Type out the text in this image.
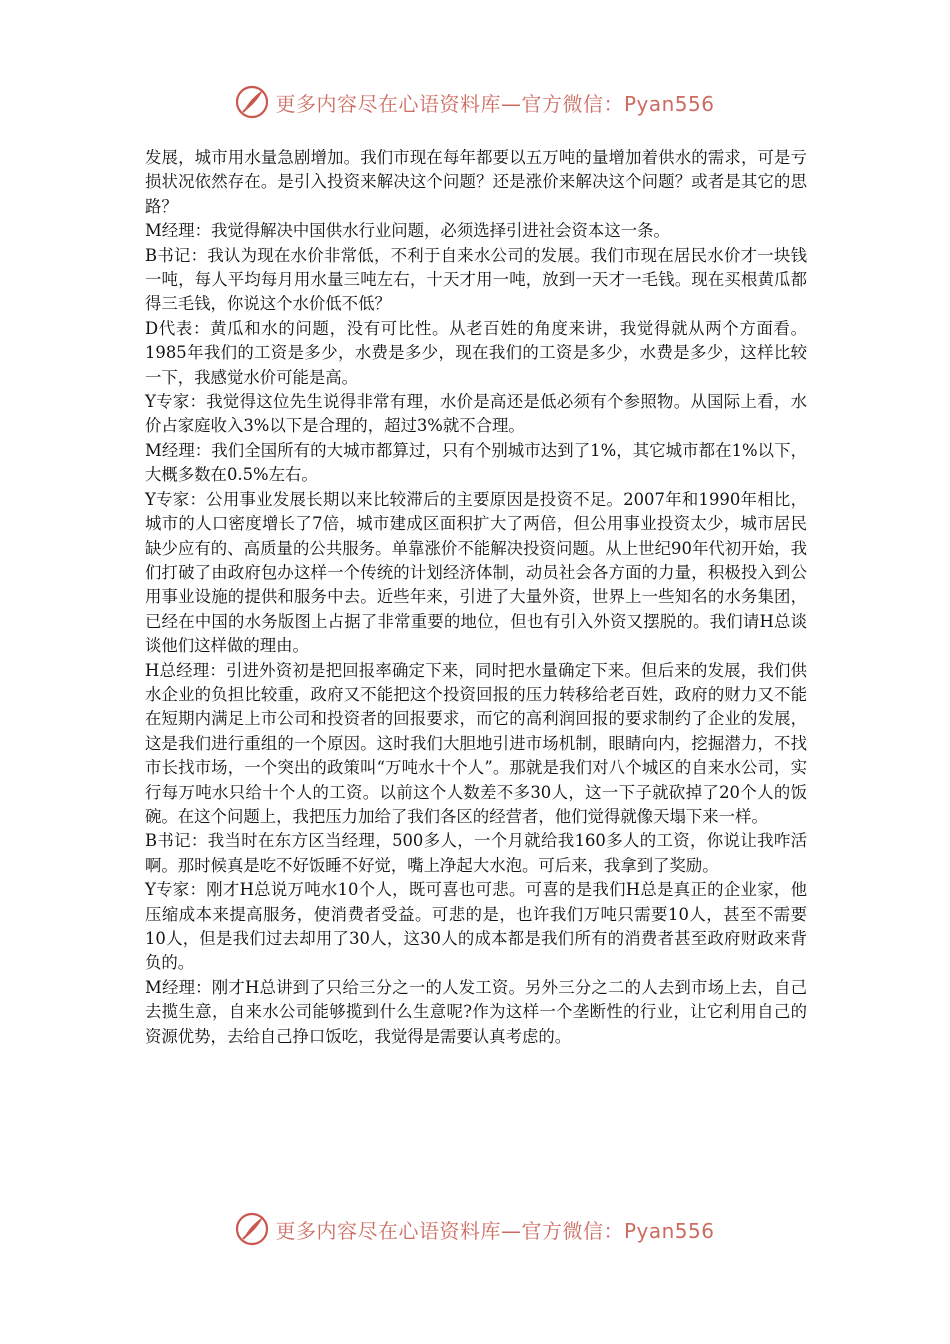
更多内容尽在心语资料库—官方微信：Pyan556

发展，城市用水量急剧增加。我们市现在每年都要以五万吨的量增加着供水的需求，可是亏损状况依然存在。是引入投资来解决这个问题？还是涨价来解决这个问题？或者是其它的思路？

M经理：我觉得解决中国供水行业问题，必须选择引进社会资本这一条。

B书记：我认为现在水价非常低，不利于自来水公司的发展。我们市现在居民水价才一块钱一吨，每人平均每月用水量三吨左右，十天才用一吨，放到一天才一毛钱。现在买根黄瓜都得三毛钱，你说这个水价低不低？

D代表：黄瓜和水的问题，没有可比性。从老百姓的角度来讲，我觉得就从两个方面看。1985年我们的工资是多少，水费是多少，现在我们的工资是多少，水费是多少，这样比较一下，我感觉水价可能是高。

Y专家：我觉得这位先生说得非常有理，水价是高还是低必须有个参照物。从国际上看，水价占家庭收入3%以下是合理的，超过3%就不合理。

M经理：我们全国所有的大城市都算过，只有个别城市达到了1%，其它城市都在1%以下，大概多数在0.5%左右。

Y专家：公用事业发展长期以来比较滞后的主要原因是投资不足。2007年和1990年相比，城市的人口密度增长了7倍，城市建成区面积扩大了两倍，但公用事业投资太少，城市居民缺少应有的、高质量的公共服务。单靠涨价不能解决投资问题。从上世纪90年代初开始，我们打破了由政府包办这样一个传统的计划经济体制，动员社会各方面的力量，积极投入到公用事业设施的提供和服务中去。近些年来，引进了大量外资，世界上一些知名的水务集团，已经在中国的水务版图上占据了非常重要的地位，但也有引入外资又摆脱的。我们请H总谈谈他们这样做的理由。

H总经理：引进外资初是把回报率确定下来，同时把水量确定下来。但后来的发展，我们供水企业的负担比较重，政府又不能把这个投资回报的压力转移给老百姓，政府的财力又不能在短期内满足上市公司和投资者的回报要求，而它的高利润回报的要求制约了企业的发展，这是我们进行重组的一个原因。这时我们大胆地引进市场机制，眼睛向内，挖掘潜力，不找市长找市场，一个突出的政策叫“万吨水十个人”。那就是我们对八个城区的自来水公司，实行每万吨水只给十个人的工资。以前这个人数差不多30人，这一下子就砍掉了20个人的饭碗。在这个问题上，我把压力加给了我们各区的经营者，他们觉得就像天塌下来一样。

B书记：我当时在东方区当经理，500多人，一个月就给我160多人的工资，你说让我咋活啊。那时候真是吃不好饭睡不好觉，嘴上净起大水泡。可后来，我拿到了奖励。

Y专家：刚才H总说万吨水10个人，既可喜也可悲。可喜的是我们H总是真正的企业家，他压缩成本来提高服务，使消费者受益。可悲的是，也许我们万吨只需要10人，甚至不需要10人，但是我们过去却用了30人，这30人的成本都是我们所有的消费者甚至政府财政来背负的。

M经理：刚才H总讲到了只给三分之一的人发工资。另外三分之二的人去到市场上去，自己去揽生意，自来水公司能够揽到什么生意呢?作为这样一个垄断性的行业，让它利用自己的资源优势，去给自己挣口饭吃，我觉得是需要认真考虑的。

更多内容尽在心语资料库—官方微信：Pyan556
